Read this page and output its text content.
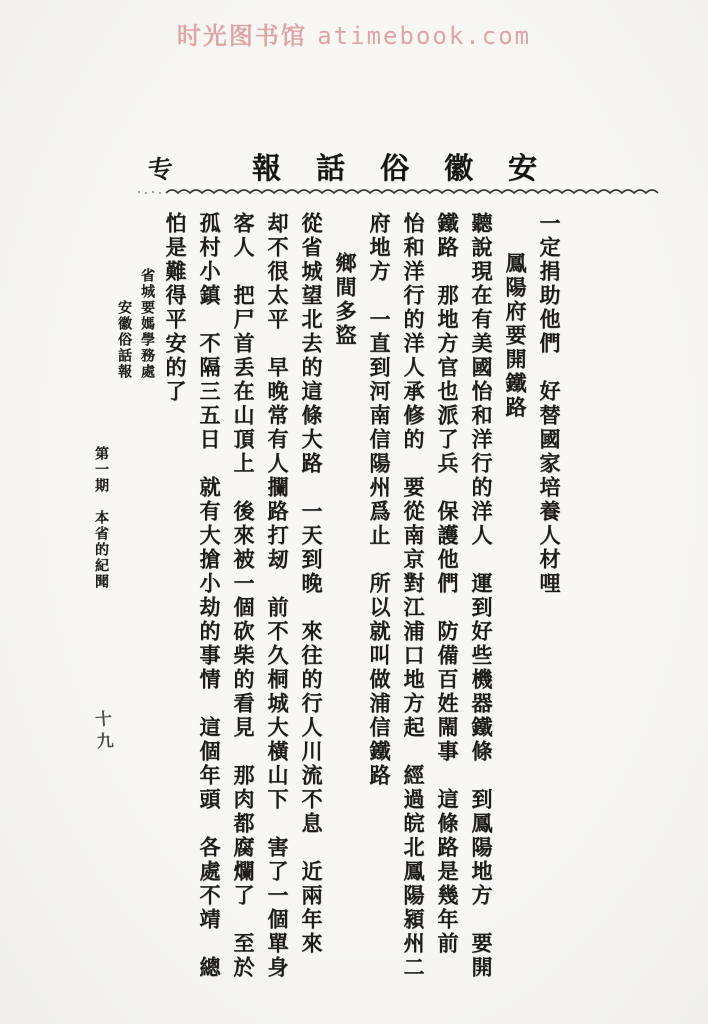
时光图书馆 atimebook.com
专	報話俗徽安
一定捐助他們　好替國家培養人材哩
鳳陽府要開鐵路
聽說現在有美國怡和洋行的洋人　運到好些機器鐵條　到鳳陽地方　要開
鐵路　那地方官也派了兵　保護他們　防備百姓閙事　這條路是幾年前
怡和洋行的洋人承修的　要從南京對江浦口地方起　經過皖北鳳陽潁州二
府地方　一直到河南信陽州爲止　所以就叫做浦信鐵路
鄉間多盜
從省城望北去的這條大路　一天到晚　來往的行人川流不息　近兩年來
却不很太平　早晚常有人攔路打刼　前不久桐城大橫山下　害了一個單身
客人　把尸首丢在山頂上　後來被一個砍柴的看見　那肉都腐爛了　至於
孤村小鎮　不隔三五日　就有大搶小劫的事情　這個年頭　各處不靖　總
怕是難得平安的了
省城要媽學務處
安徽俗話報
第一期　本省的紀聞
十九
